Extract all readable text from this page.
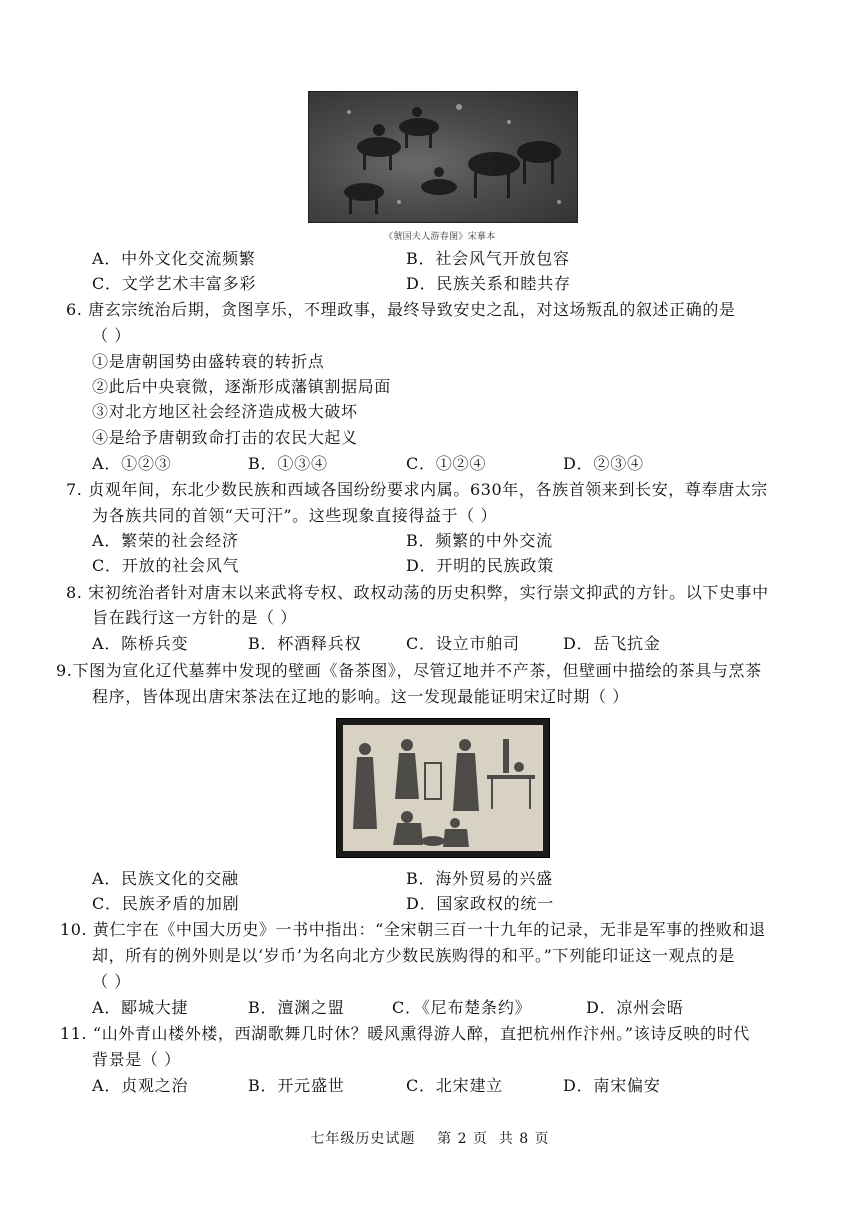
《虢国夫人游春图》宋摹本
A．中外文化交流频繁	B．社会风气开放包容
C．文学艺术丰富多彩	D．民族关系和睦共存
6. 唐玄宗统治后期，贪图享乐，不理政事，最终导致安史之乱，对这场叛乱的叙述正确的是
（ ）
①是唐朝国势由盛转衰的转折点
②此后中央衰微，逐渐形成藩镇割据局面
③对北方地区社会经济造成极大破坏
④是给予唐朝致命打击的农民大起义
A．①②③	B．①③④	C．①②④	D．②③④
7. 贞观年间，东北少数民族和西域各国纷纷要求内属。630年，各族首领来到长安，尊奉唐太宗
为各族共同的首领“天可汗”。这些现象直接得益于（ ）
A．繁荣的社会经济	B．频繁的中外交流
C．开放的社会风气	D．开明的民族政策
8. 宋初统治者针对唐末以来武将专权、政权动荡的历史积弊，实行崇文抑武的方针。以下史事中
旨在践行这一方针的是（ ）
A．陈桥兵变	B．杯酒释兵权	C．设立市舶司	D．岳飞抗金
9.下图为宣化辽代墓葬中发现的壁画《备茶图》，尽管辽地并不产茶，但壁画中描绘的茶具与烹茶
程序，皆体现出唐宋茶法在辽地的影响。这一发现最能证明宋辽时期（ ）
A．民族文化的交融	B．海外贸易的兴盛
C．民族矛盾的加剧	D．国家政权的统一
10. 黄仁宇在《中国大历史》一书中指出：“全宋朝三百一十九年的记录，无非是军事的挫败和退
却，所有的例外则是以‘岁币’为名向北方少数民族购得的和平。”下列能印证这一观点的是
（ ）
A．郾城大捷	B．澶渊之盟	C．《尼布楚条约》	D．凉州会晤
11. “山外青山楼外楼，西湖歌舞几时休？暖风熏得游人醉，直把杭州作汴州。”该诗反映的时代
背景是（ ）
A．贞观之治	B．开元盛世	C．北宋建立	D．南宋偏安
七年级历史试题    第 2 页  共 8 页
